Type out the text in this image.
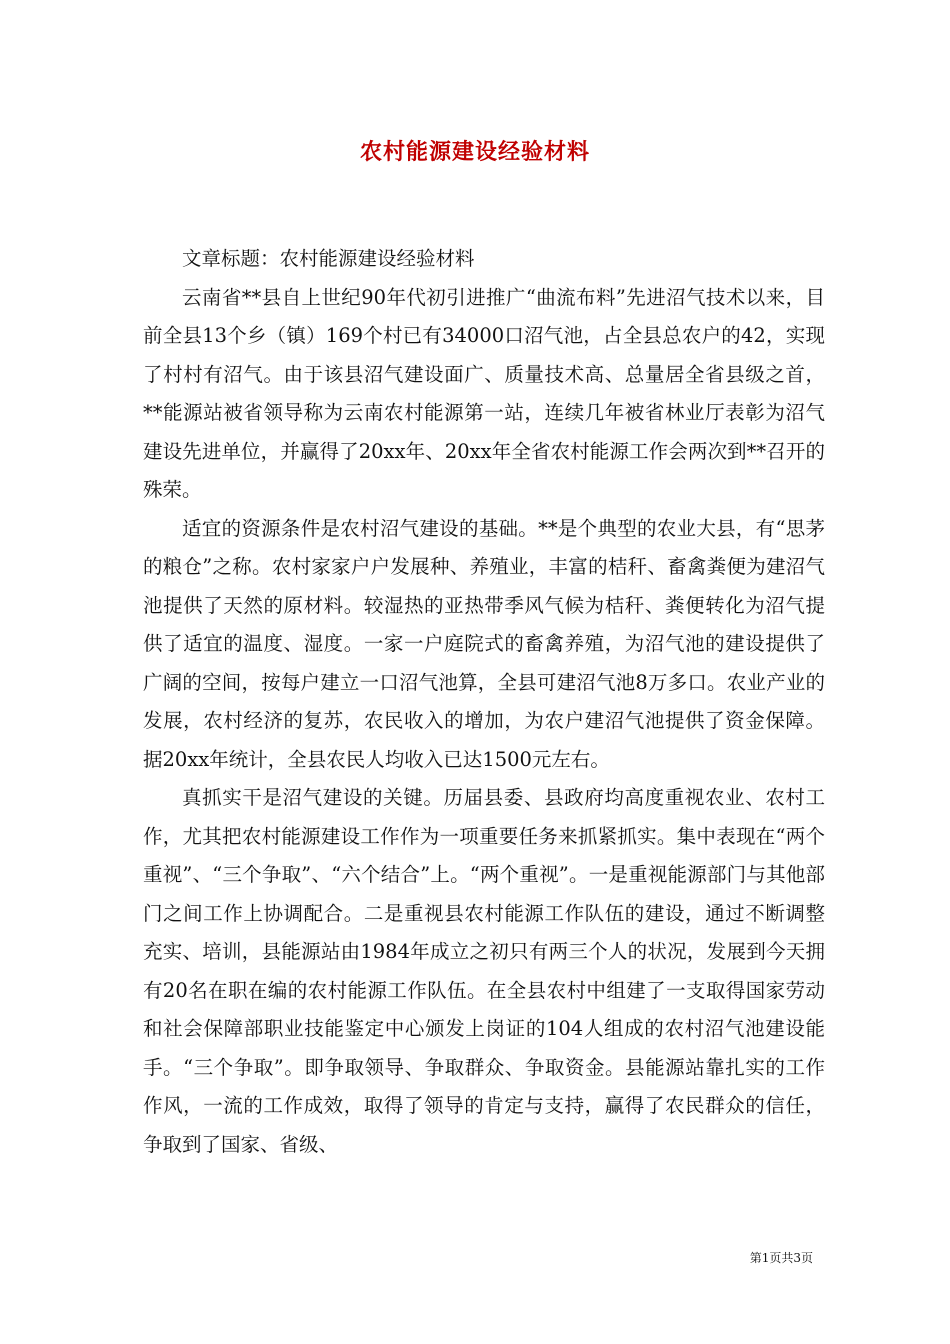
农村能源建设经验材料

文章标题：农村能源建设经验材料

云南省**县自上世纪90年代初引进推广“曲流布料”先进沼气技术以来，目前全县13个乡（镇）169个村已有34000口沼气池，占全县总农户的42，实现了村村有沼气。由于该县沼气建设面广、质量技术高、总量居全省县级之首，**能源站被省领导称为云南农村能源第一站，连续几年被省林业厅表彰为沼气建设先进单位，并赢得了20xx年、20xx年全省农村能源工作会两次到**召开的殊荣。

适宜的资源条件是农村沼气建设的基础。**是个典型的农业大县，有“思茅的粮仓”之称。农村家家户户发展种、养殖业，丰富的桔秆、畜禽粪便为建沼气池提供了天然的原材料。较湿热的亚热带季风气候为桔秆、粪便转化为沼气提供了适宜的温度、湿度。一家一户庭院式的畜禽养殖，为沼气池的建设提供了广阔的空间，按每户建立一口沼气池算，全县可建沼气池8万多口。农业产业的发展，农村经济的复苏，农民收入的增加，为农户建沼气池提供了资金保障。据20xx年统计，全县农民人均收入已达1500元左右。

真抓实干是沼气建设的关键。历届县委、县政府均高度重视农业、农村工作，尤其把农村能源建设工作作为一项重要任务来抓紧抓实。集中表现在“两个重视”、“三个争取”、“六个结合”上。“两个重视”。一是重视能源部门与其他部门之间工作上协调配合。二是重视县农村能源工作队伍的建设，通过不断调整充实、培训，县能源站由1984年成立之初只有两三个人的状况，发展到今天拥有20名在职在编的农村能源工作队伍。在全县农村中组建了一支取得国家劳动和社会保障部职业技能鉴定中心颁发上岗证的104人组成的农村沼气池建设能手。“三个争取”。即争取领导、争取群众、争取资金。县能源站靠扎实的工作作风，一流的工作成效，取得了领导的肯定与支持，赢得了农民群众的信任，争取到了国家、省级、

第1页共3页
